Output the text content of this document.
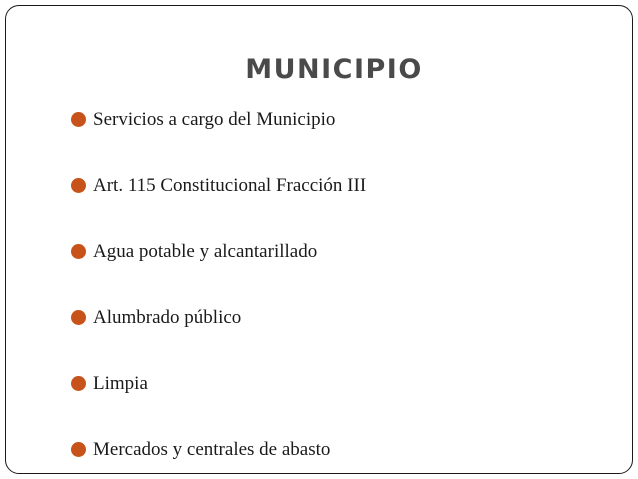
MUNICIPIO
Servicios a cargo del Municipio
Art. 115 Constitucional Fracción III
Agua potable y alcantarillado
Alumbrado público
Limpia
Mercados y centrales de abasto
